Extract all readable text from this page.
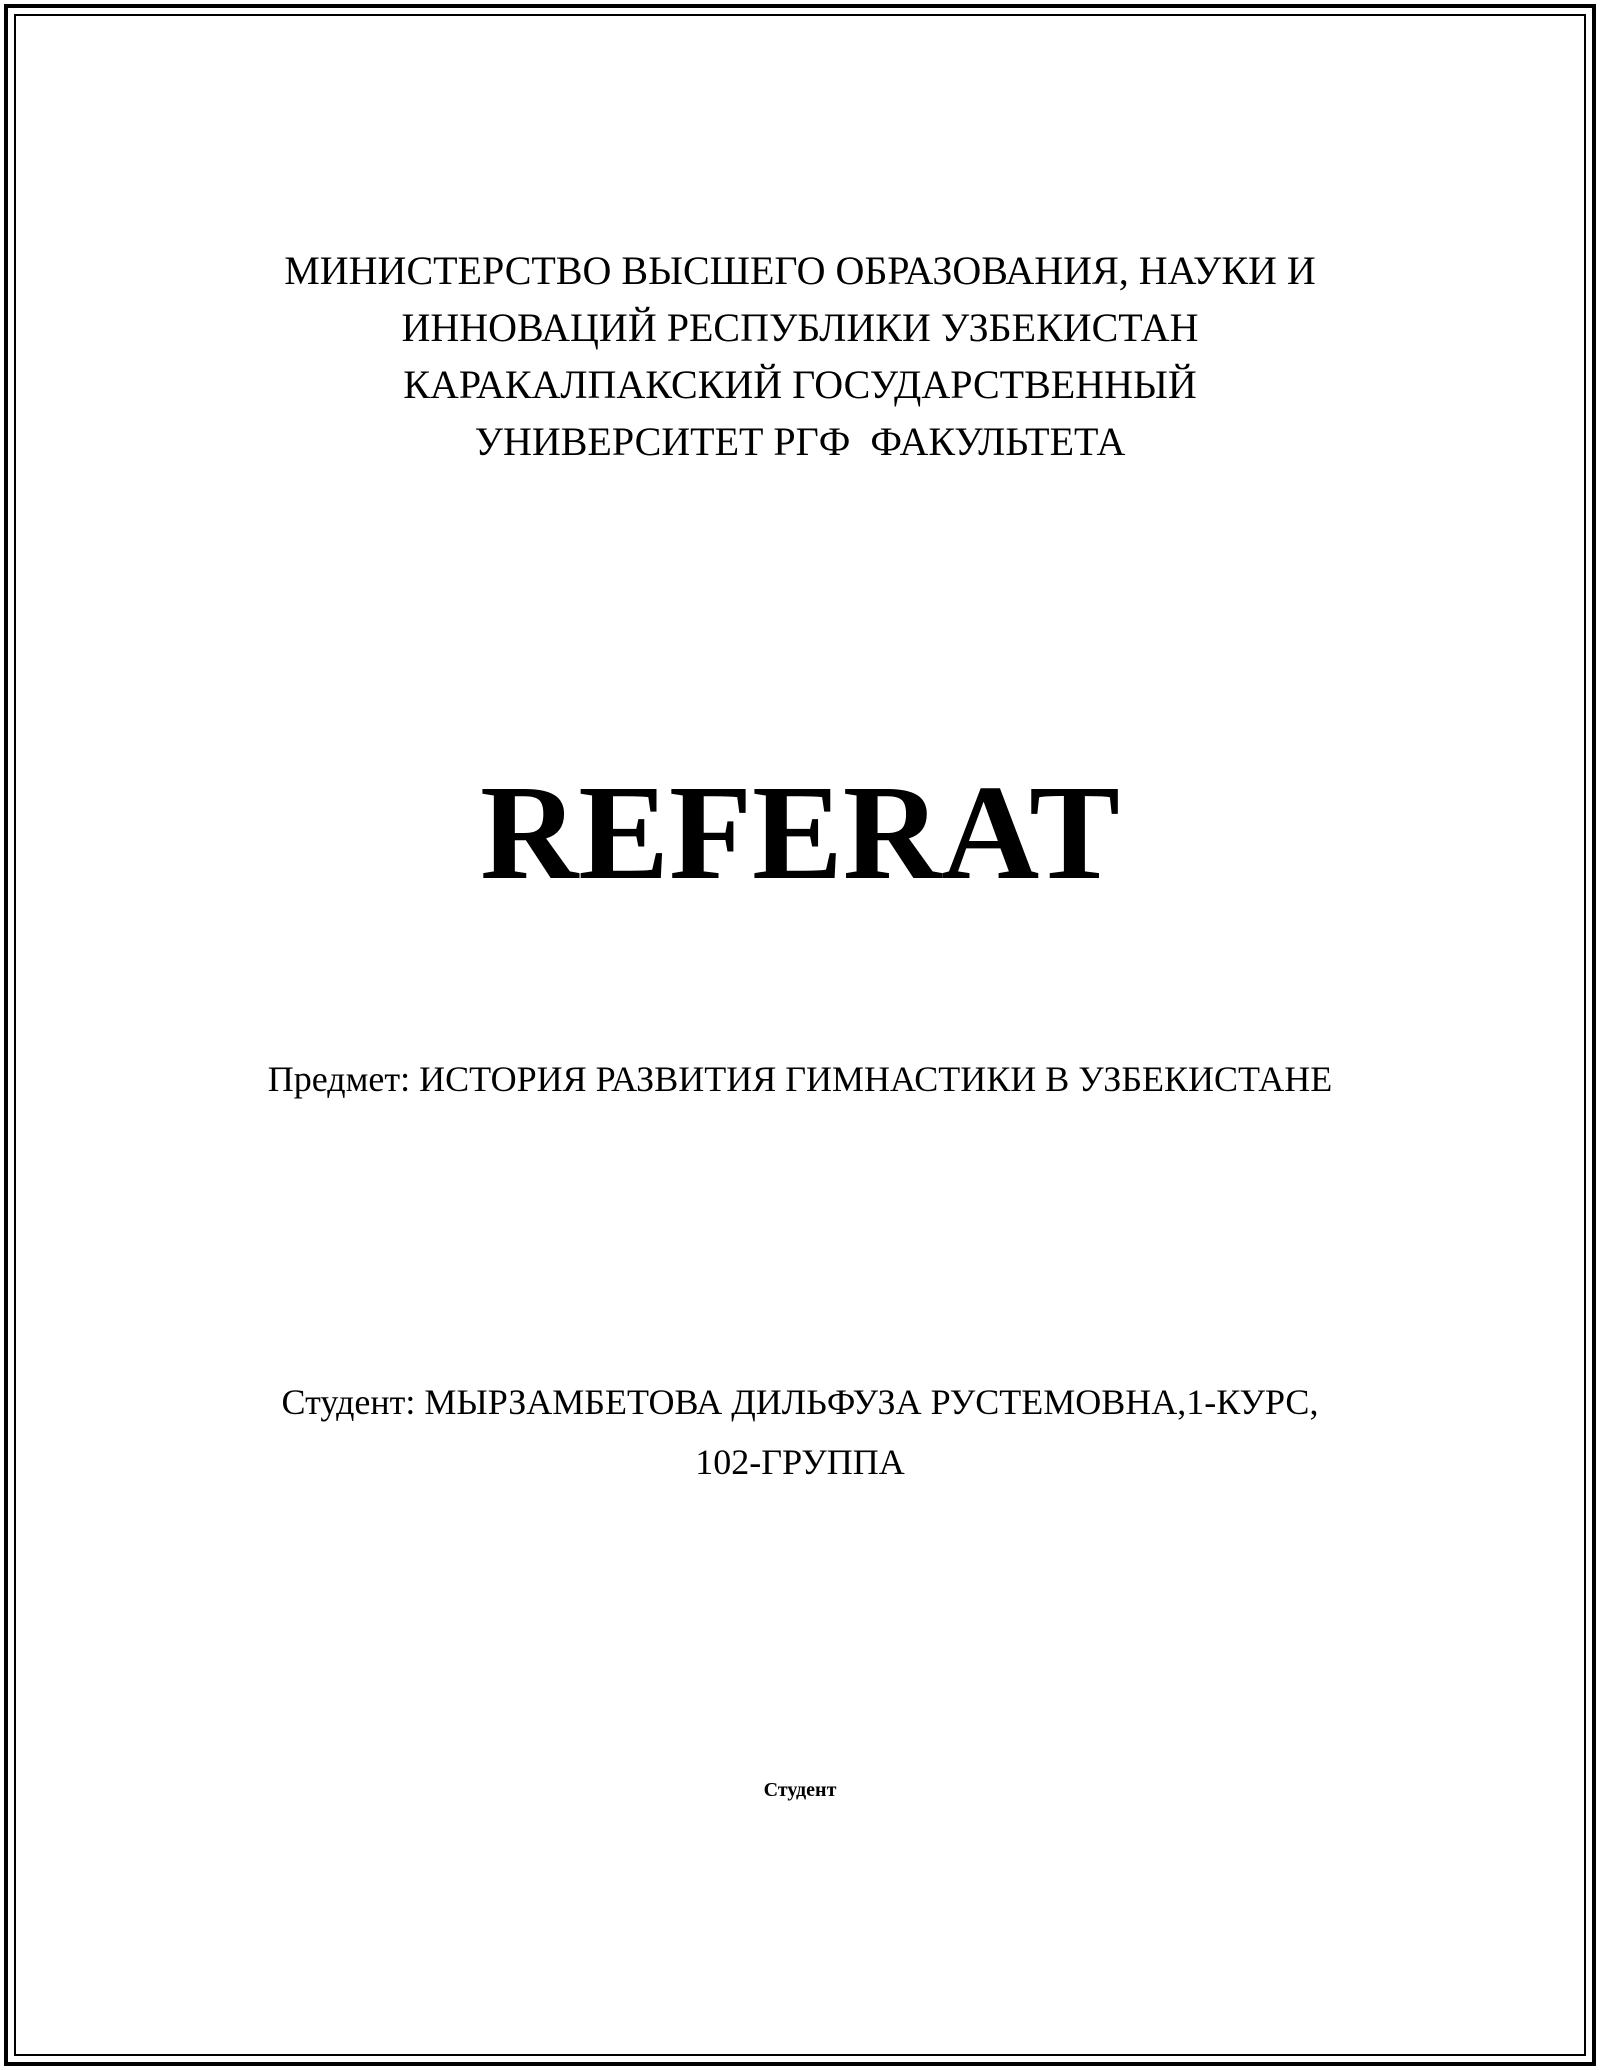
МИНИСТЕРСТВО ВЫСШЕГО ОБРАЗОВАНИЯ, НАУКИ И
ИННОВАЦИЙ РЕСПУБЛИКИ УЗБЕКИСТАН
КАРАКАЛПАКСКИЙ ГОСУДАРСТВЕННЫЙ
УНИВЕРСИТЕТ РГФ  ФАКУЛЬТЕТА
REFERAT
Предмет: ИСТОРИЯ РАЗВИТИЯ ГИМНАСТИКИ В УЗБЕКИСТАНЕ
Студент: МЫРЗАМБЕТОВА ДИЛЬФУЗА РУСТЕМОВНА,1-КУРС,
102-ГРУППА
Студент
